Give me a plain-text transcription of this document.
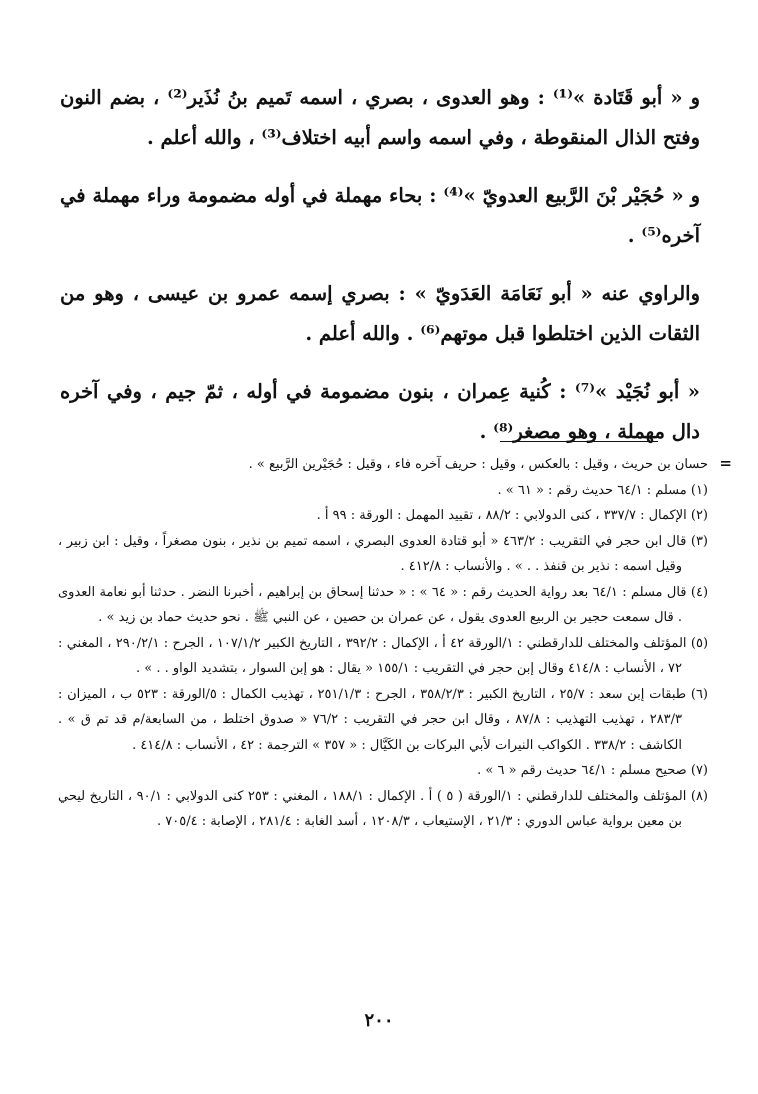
و « أبو قَتَادة »⁽¹⁾ : وهو العدوى ، بصري ، اسمه تَميم بنُ نُذَير⁽²⁾ ، بضم النون وفتح الذال المنقوطة ، وفي اسمه واسم أبيه اختلاف⁽³⁾ ، والله أعلم .

و « حُجَيْر بْنَ الرَّبيع العدويّ »⁽⁴⁾ : بحاء مهملة في أوله مضمومة وراء مهملة في آخره⁽⁵⁾ .

والراوي عنه « أبو نَعَامَة العَدَويّ » : بصري إسمه عمرو بن عيسى ، وهو من الثقات الذين اختلطوا قبل موتهم⁽⁶⁾ . والله أعلم .

« أبو نُجَيْد »⁽⁷⁾ : كُنية عِمران ، بنون مضمومة في أوله ، ثمّ جيم ، وفي آخره دال مهملة ، وهو مصغر⁽⁸⁾ .

=

حسان بن حريث ، وقيل : بالعكس ، وقيل : حريف آخره فاء ، وقيل : حُجَيْرين الرَّبيع » .

(١) مسلم : ٦٤/١ حديث رقم : « ٦١ » .
(٢) الإكمال : ٣٣٧/٧ ، كنى الدولابي : ٨٨/٢ ، تقييد المهمل : الورقة : ٩٩ أ .
(٣) قال ابن حجر في التقريب : ٤٦٣/٢ « أبو قتادة العدوى البصري ، اسمه تميم بن نذير ، بنون مصغراً ، وقيل : ابن زبير ، وقيل اسمه : نذير بن قنفذ . . » . والأنساب : ٤١٢/٨ .
(٤) قال مسلم : ٦٤/١ بعد رواية الحديث رقم : « ٦٤ » : « حدثنا إسحاق بن إبراهيم ، أخبرنا النضر . حدثنا أبو نعامة العدوى . قال سمعت حجير بن الربيع العدوى يقول ، عن عمران بن حصين ، عن النبي ﷺ . نحو حديث حماد بن زيد » .
(٥) المؤتلف والمختلف للدارقطني : ١/الورقة ٤٢ أ ، الإكمال : ٣٩٢/٢ ، التاريخ الكبير ١٠٧/١/٢ ، الجرح : ٢٩٠/٢/١ ، المغني : ٧٢ ، الأنساب : ٤١٤/٨ وقال إبن حجر في التقريب : ١٥٥/١ « يقال : هو إبن السوار ، بتشديد الواو . . » .
(٦) طبقات إبن سعد : ٢٥/٧ ، التاريخ الكبير : ٣٥٨/٢/٣ ، الجرح : ٢٥١/١/٣ ، تهذيب الكمال : ٥/الورقة : ٥٢٣ ب ، الميزان : ٢٨٣/٣ ، تهذيب التهذيب : ٨٧/٨ ، وقال ابن حجر في التقريب : ٧٦/٢ « صدوق اختلط ، من السابعة/م قد تم ق » . الكاشف : ٣٣٨/٢ . الكواكب النيرات لأبي البركات بن الكَيَّال : « ٣٥٧ » الترجمة : ٤٢ ، الأنساب : ٤١٤/٨ .
(٧) صحيح مسلم : ٦٤/١ حديث رقم « ٦ » .
(٨) المؤتلف والمختلف للدارقطني : ١/الورقة ( ٥ ) أ . الإكمال : ١٨٨/١ ، المغني : ٢٥٣ كنى الدولابي : ٩٠/١ ، التاريخ ليحي بن معين برواية عباس الدوري : ٢١/٣ ، الإستيعاب ، ١٢٠٨/٣ ، أسد الغابة : ٢٨١/٤ ، الإصابة : ٧٠٥/٤ .
٢٠٠
